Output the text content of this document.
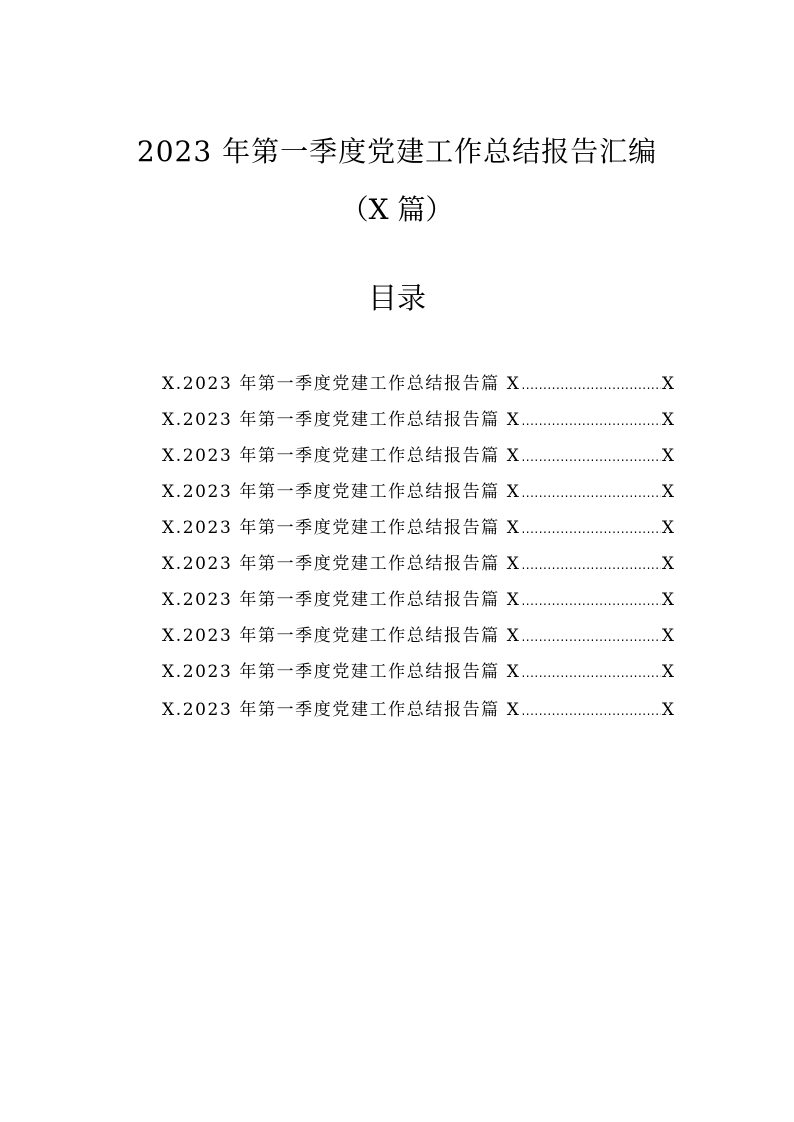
2023 年第一季度党建工作总结报告汇编
（X 篇）
目录
X.2023 年第一季度党建工作总结报告篇 X .....	X
X.2023 年第一季度党建工作总结报告篇 X .....	X
X.2023 年第一季度党建工作总结报告篇 X .....	X
X.2023 年第一季度党建工作总结报告篇 X .....	X
X.2023 年第一季度党建工作总结报告篇 X .....	X
X.2023 年第一季度党建工作总结报告篇 X .....	X
X.2023 年第一季度党建工作总结报告篇 X .....	X
X.2023 年第一季度党建工作总结报告篇 X .....	X
X.2023 年第一季度党建工作总结报告篇 X .....	X
X.2023 年第一季度党建工作总结报告篇 X .....	X
